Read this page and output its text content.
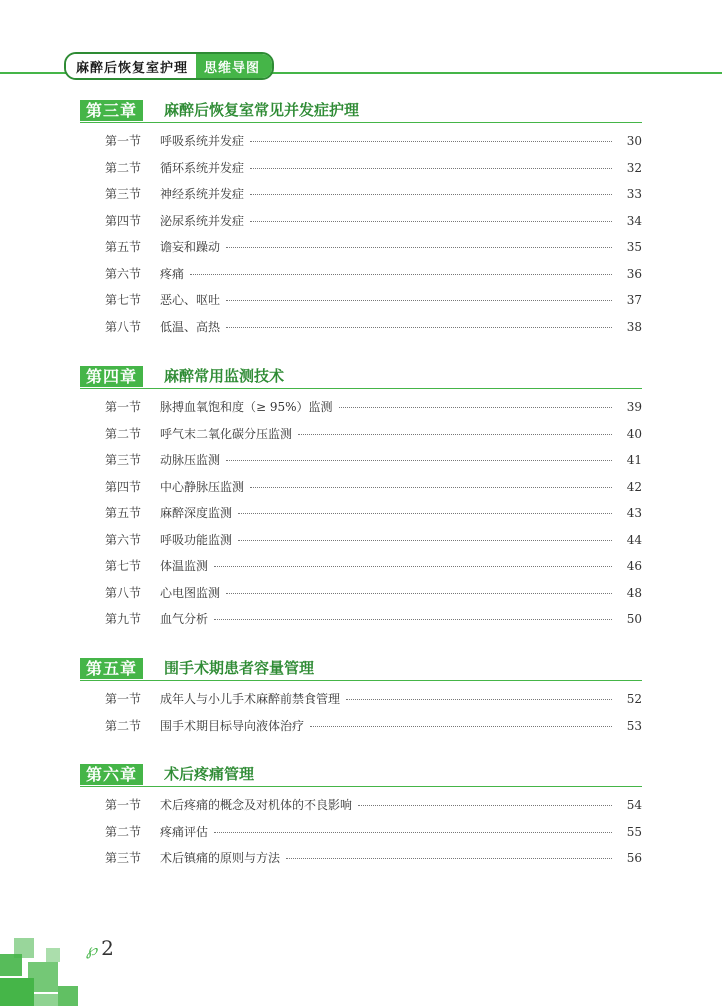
麻醉后恢复室护理	思维导图
第三章	麻醉后恢复室常见并发症护理
第一节	呼吸系统并发症	30
第二节	循环系统并发症	32
第三节	神经系统并发症	33
第四节	泌尿系统并发症	34
第五节	谵妄和躁动	35
第六节	疼痛	36
第七节	恶心、呕吐	37
第八节	低温、高热	38
第四章	麻醉常用监测技术
第一节	脉搏血氧饱和度（≥ 95%）监测	39
第二节	呼气末二氧化碳分压监测	40
第三节	动脉压监测	41
第四节	中心静脉压监测	42
第五节	麻醉深度监测	43
第六节	呼吸功能监测	44
第七节	体温监测	46
第八节	心电图监测	48
第九节	血气分析	50
第五章	围手术期患者容量管理
第一节	成年人与小儿手术麻醉前禁食管理	52
第二节	围手术期目标导向液体治疗	53
第六章	术后疼痛管理
第一节	术后疼痛的概念及对机体的不良影响	54
第二节	疼痛评估	55
第三节	术后镇痛的原则与方法	56
℘ 2
